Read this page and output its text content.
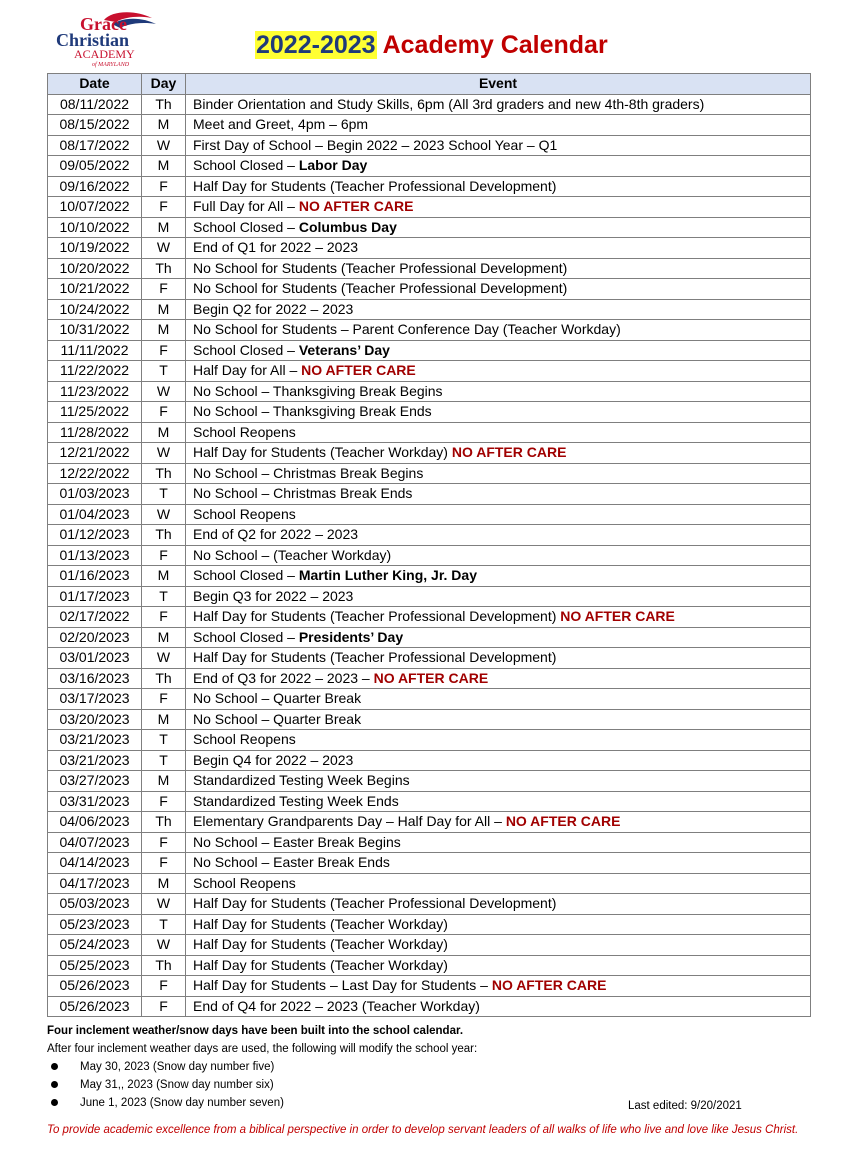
Grace
Christian
ACADEMY
of MARYLAND
2022-2023 Academy Calendar
Date	Day	Event
08/11/2022	Th	Binder Orientation and Study Skills, 6pm (All 3rd graders and new 4th-8th graders)
08/15/2022	M	Meet and Greet, 4pm – 6pm
08/17/2022	W	First Day of School – Begin 2022 – 2023 School Year – Q1
09/05/2022	M	School Closed – Labor Day
09/16/2022	F	Half Day for Students (Teacher Professional Development)
10/07/2022	F	Full Day for All – NO AFTER CARE
10/10/2022	M	School Closed – Columbus Day
10/19/2022	W	End of Q1 for 2022 – 2023
10/20/2022	Th	No School for Students (Teacher Professional Development)
10/21/2022	F	No School for Students (Teacher Professional Development)
10/24/2022	M	Begin Q2 for 2022 – 2023
10/31/2022	M	No School for Students – Parent Conference Day (Teacher Workday)
11/11/2022	F	School Closed – Veterans’ Day
11/22/2022	T	Half Day for All – NO AFTER CARE
11/23/2022	W	No School – Thanksgiving Break Begins
11/25/2022	F	No School – Thanksgiving Break Ends
11/28/2022	M	School Reopens
12/21/2022	W	Half Day for Students (Teacher Workday) NO AFTER CARE
12/22/2022	Th	No School – Christmas Break Begins
01/03/2023	T	No School – Christmas Break Ends
01/04/2023	W	School Reopens
01/12/2023	Th	End of Q2 for 2022 – 2023
01/13/2023	F	No School – (Teacher Workday)
01/16/2023	M	School Closed – Martin Luther King, Jr. Day
01/17/2023	T	Begin Q3 for 2022 – 2023
02/17/2022	F	Half Day for Students (Teacher Professional Development) NO AFTER CARE
02/20/2023	M	School Closed – Presidents’ Day
03/01/2023	W	Half Day for Students (Teacher Professional Development)
03/16/2023	Th	End of Q3 for 2022 – 2023 – NO AFTER CARE
03/17/2023	F	No School – Quarter Break
03/20/2023	M	No School – Quarter Break
03/21/2023	T	School Reopens
03/21/2023	T	Begin Q4 for 2022 – 2023
03/27/2023	M	Standardized Testing Week Begins
03/31/2023	F	Standardized Testing Week Ends
04/06/2023	Th	Elementary Grandparents Day – Half Day for All – NO AFTER CARE
04/07/2023	F	No School – Easter Break Begins
04/14/2023	F	No School – Easter Break Ends
04/17/2023	M	School Reopens
05/03/2023	W	Half Day for Students (Teacher Professional Development)
05/23/2023	T	Half Day for Students (Teacher Workday)
05/24/2023	W	Half Day for Students (Teacher Workday)
05/25/2023	Th	Half Day for Students (Teacher Workday)
05/26/2023	F	Half Day for Students – Last Day for Students – NO AFTER CARE
05/26/2023	F	End of Q4 for 2022 – 2023 (Teacher Workday)
Four inclement weather/snow days have been built into the school calendar.
After four inclement weather days are used, the following will modify the school year:
May 30, 2023 (Snow day number five)
May 31,, 2023 (Snow day number six)
June 1, 2023 (Snow day number seven)	Last edited: 9/20/2021
To provide academic excellence from a biblical perspective in order to develop servant leaders of all walks of life who live and love like Jesus Christ.
